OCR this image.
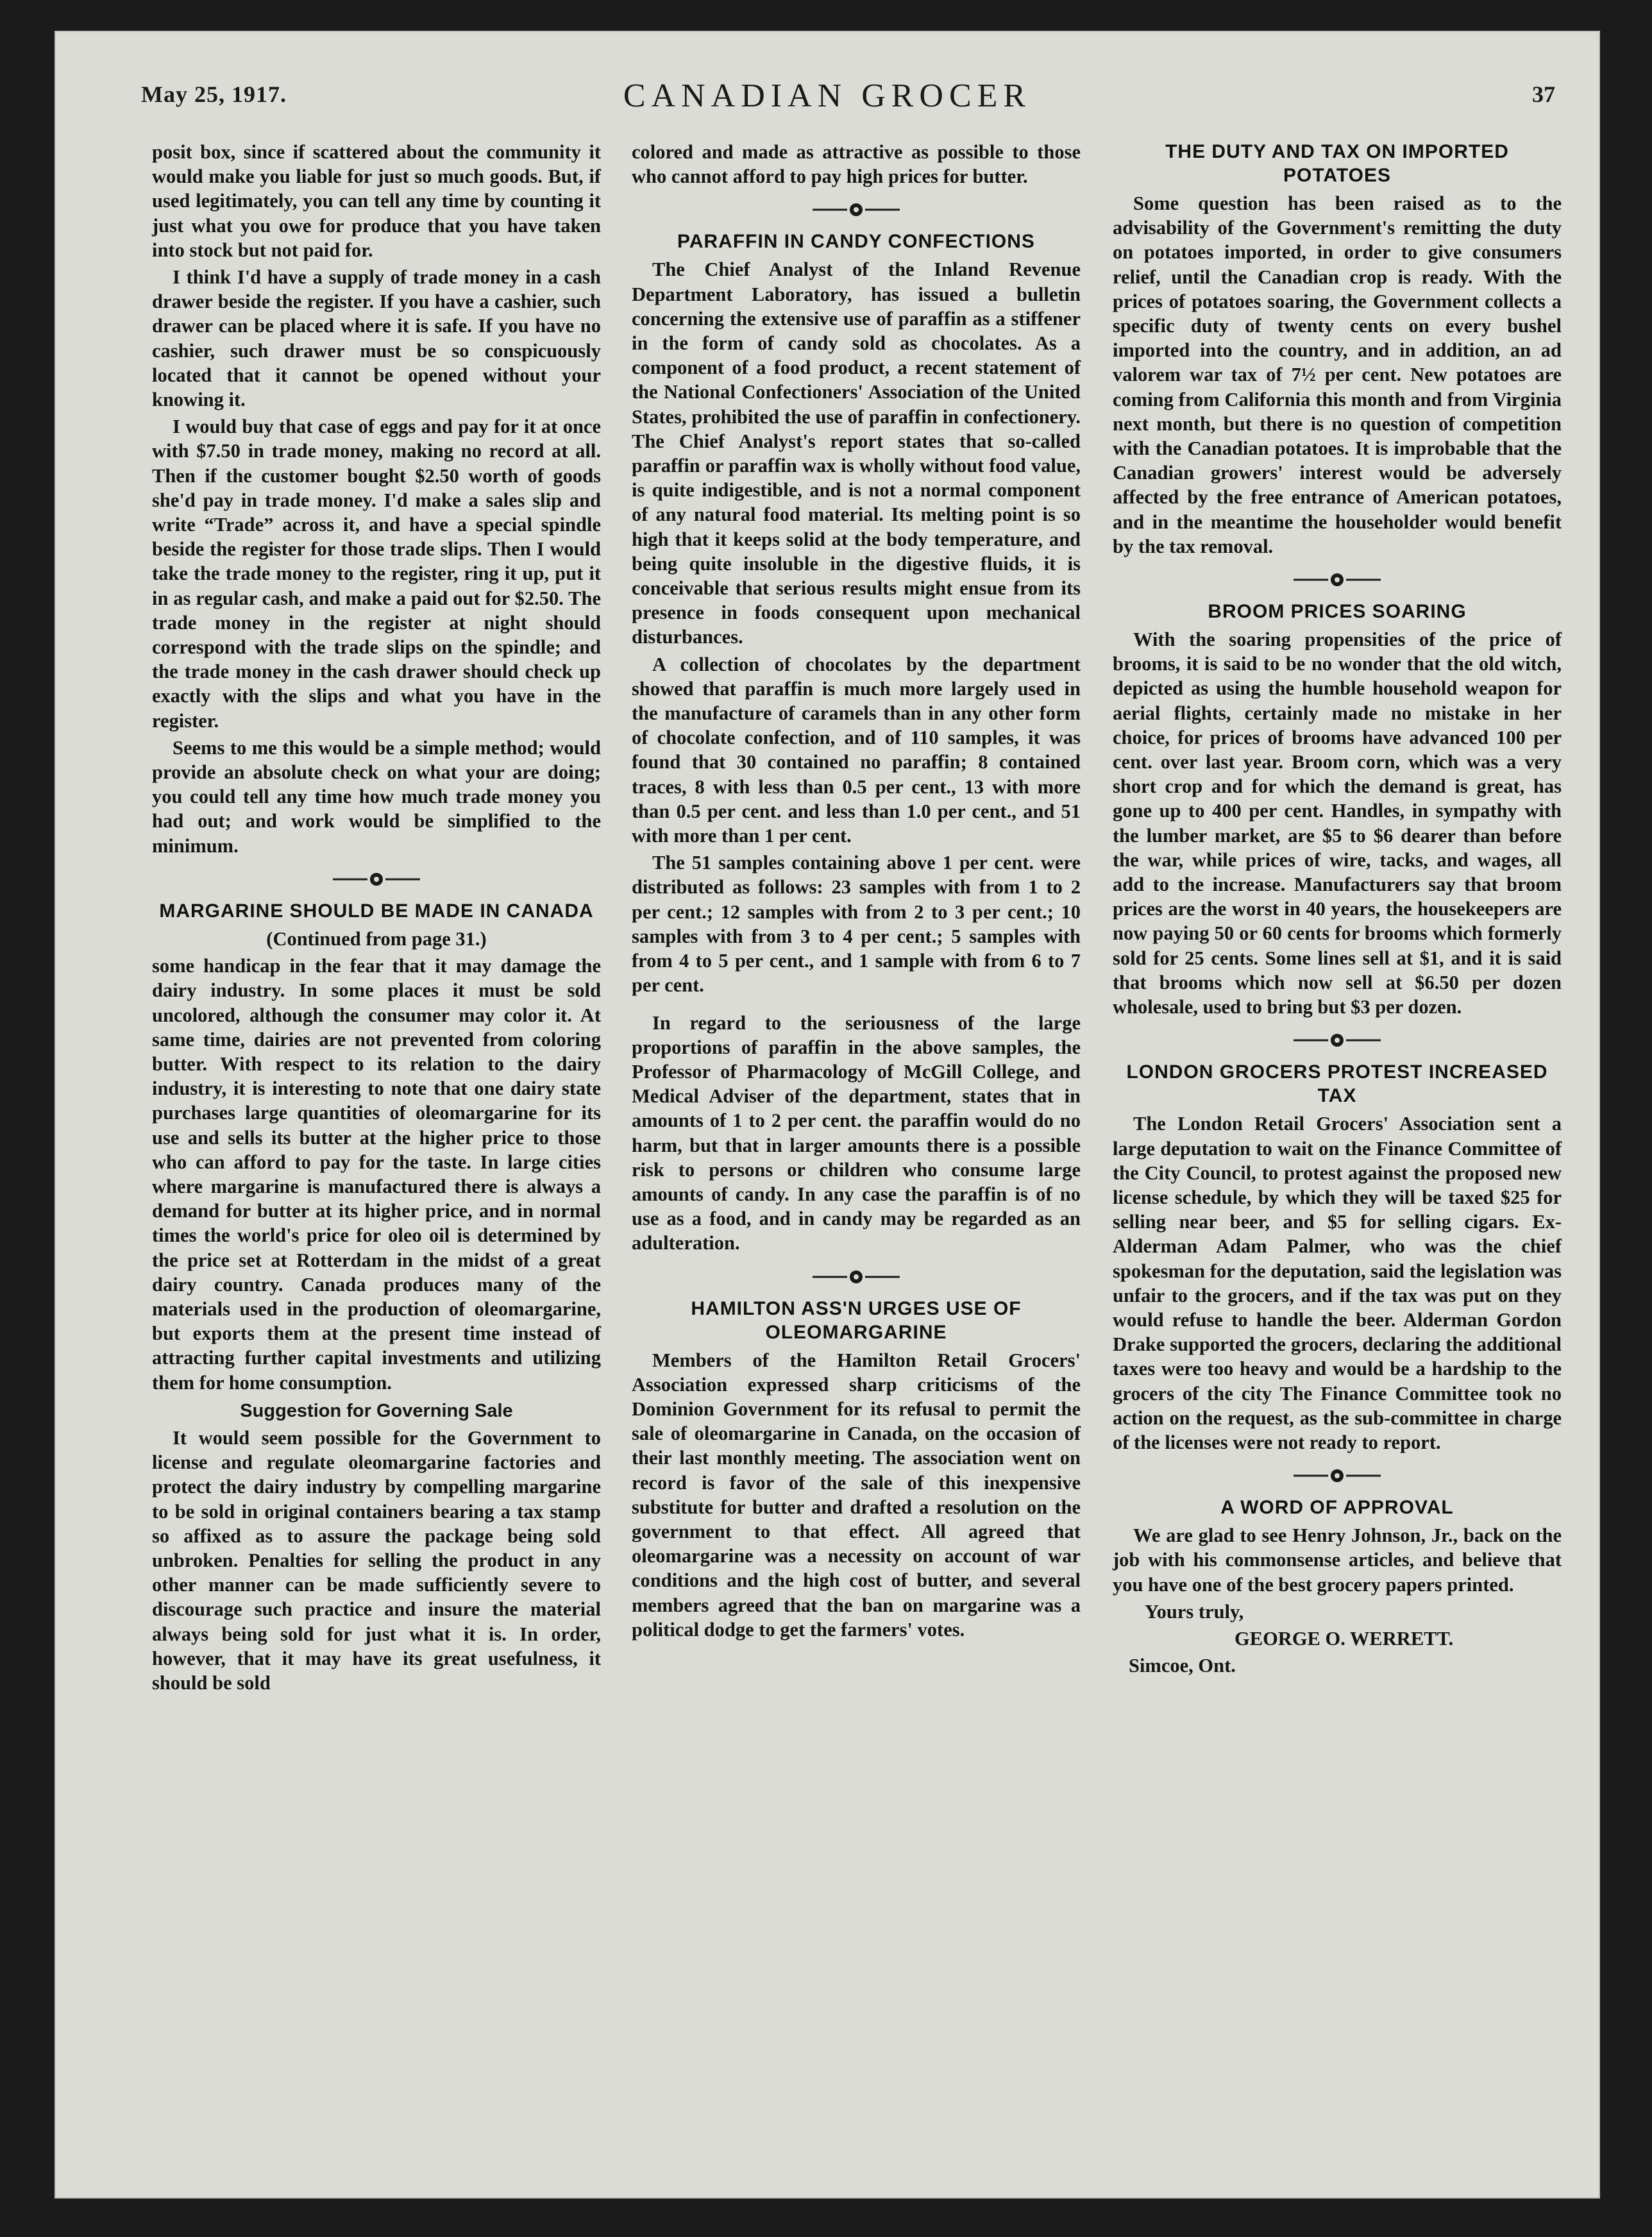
May 25, 1917.	CANADIAN GROCER	37

posit box, since if scattered about the community it would make you liable for just so much goods. But, if used legitimately, you can tell any time by counting it just what you owe for produce that you have taken into stock but not paid for.

I think I'd have a supply of trade money in a cash drawer beside the register. If you have a cashier, such drawer can be placed where it is safe. If you have no cashier, such drawer must be so conspicuously located that it cannot be opened without your knowing it.

I would buy that case of eggs and pay for it at once with $7.50 in trade money, making no record at all. Then if the customer bought $2.50 worth of goods she'd pay in trade money. I'd make a sales slip and write “Trade” across it, and have a special spindle beside the register for those trade slips. Then I would take the trade money to the register, ring it up, put it in as regular cash, and make a paid out for $2.50. The trade money in the register at night should correspond with the trade slips on the spindle; and the trade money in the cash drawer should check up exactly with the slips and what you have in the register.

Seems to me this would be a simple method; would provide an absolute check on what your are doing; you could tell any time how much trade money you had out; and work would be simplified to the minimum.

MARGARINE SHOULD BE MADE IN CANADA

(Continued from page 31.)

some handicap in the fear that it may damage the dairy industry. In some places it must be sold uncolored, although the consumer may color it. At same time, dairies are not prevented from coloring butter. With respect to its relation to the dairy industry, it is interesting to note that one dairy state purchases large quantities of oleomargarine for its use and sells its butter at the higher price to those who can afford to pay for the taste. In large cities where margarine is manufactured there is always a demand for butter at its higher price, and in normal times the world's price for oleo oil is determined by the price set at Rotterdam in the midst of a great dairy country. Canada produces many of the materials used in the production of oleomargarine, but exports them at the present time instead of attracting further capital investments and utilizing them for home consumption.

Suggestion for Governing Sale

It would seem possible for the Government to license and regulate oleomargarine factories and protect the dairy industry by compelling margarine to be sold in original containers bearing a tax stamp so affixed as to assure the package being sold unbroken. Penalties for selling the product in any other manner can be made sufficiently severe to discourage such practice and insure the material always being sold for just what it is. In order, however, that it may have its great usefulness, it should be sold

colored and made as attractive as possible to those who cannot afford to pay high prices for butter.

PARAFFIN IN CANDY CONFECTIONS

The Chief Analyst of the Inland Revenue Department Laboratory, has issued a bulletin concerning the extensive use of paraffin as a stiffener in the form of candy sold as chocolates. As a component of a food product, a recent statement of the National Confectioners' Association of the United States, prohibited the use of paraffin in confectionery. The Chief Analyst's report states that so-called paraffin or paraffin wax is wholly without food value, is quite indigestible, and is not a normal component of any natural food material. Its melting point is so high that it keeps solid at the body temperature, and being quite insoluble in the digestive fluids, it is conceivable that serious results might ensue from its presence in foods consequent upon mechanical disturbances.

A collection of chocolates by the department showed that paraffin is much more largely used in the manufacture of caramels than in any other form of chocolate confection, and of 110 samples, it was found that 30 contained no paraffin; 8 contained traces, 8 with less than 0.5 per cent., 13 with more than 0.5 per cent. and less than 1.0 per cent., and 51 with more than 1 per cent.

The 51 samples containing above 1 per cent. were distributed as follows: 23 samples with from 1 to 2 per cent.; 12 samples with from 2 to 3 per cent.; 10 samples with from 3 to 4 per cent.; 5 samples with from 4 to 5 per cent., and 1 sample with from 6 to 7 per cent.

In regard to the seriousness of the large proportions of paraffin in the above samples, the Professor of Pharmacology of McGill College, and Medical Adviser of the department, states that in amounts of 1 to 2 per cent. the paraffin would do no harm, but that in larger amounts there is a possible risk to persons or children who consume large amounts of candy. In any case the paraffin is of no use as a food, and in candy may be regarded as an adulteration.

HAMILTON ASS'N URGES USE OF OLEOMARGARINE

Members of the Hamilton Retail Grocers' Association expressed sharp criticisms of the Dominion Government for its refusal to permit the sale of oleomargarine in Canada, on the occasion of their last monthly meeting. The association went on record is favor of the sale of this inexpensive substitute for butter and drafted a resolution on the government to that effect. All agreed that oleomargarine was a necessity on account of war conditions and the high cost of butter, and several members agreed that the ban on margarine was a political dodge to get the farmers' votes.

THE DUTY AND TAX ON IMPORTED POTATOES

Some question has been raised as to the advisability of the Government's remitting the duty on potatoes imported, in order to give consumers relief, until the Canadian crop is ready. With the prices of potatoes soaring, the Government collects a specific duty of twenty cents on every bushel imported into the country, and in addition, an ad valorem war tax of 7½ per cent. New potatoes are coming from California this month and from Virginia next month, but there is no question of competition with the Canadian potatoes. It is improbable that the Canadian growers' interest would be adversely affected by the free entrance of American potatoes, and in the meantime the householder would benefit by the tax removal.

BROOM PRICES SOARING

With the soaring propensities of the price of brooms, it is said to be no wonder that the old witch, depicted as using the humble household weapon for aerial flights, certainly made no mistake in her choice, for prices of brooms have advanced 100 per cent. over last year. Broom corn, which was a very short crop and for which the demand is great, has gone up to 400 per cent. Handles, in sympathy with the lumber market, are $5 to $6 dearer than before the war, while prices of wire, tacks, and wages, all add to the increase. Manufacturers say that broom prices are the worst in 40 years, the housekeepers are now paying 50 or 60 cents for brooms which formerly sold for 25 cents. Some lines sell at $1, and it is said that brooms which now sell at $6.50 per dozen wholesale, used to bring but $3 per dozen.

LONDON GROCERS PROTEST INCREASED TAX

The London Retail Grocers' Association sent a large deputation to wait on the Finance Committee of the City Council, to protest against the proposed new license schedule, by which they will be taxed $25 for selling near beer, and $5 for selling cigars. Ex-Alderman Adam Palmer, who was the chief spokesman for the deputation, said the legislation was unfair to the grocers, and if the tax was put on they would refuse to handle the beer. Alderman Gordon Drake supported the grocers, declaring the additional taxes were too heavy and would be a hardship to the grocers of the city The Finance Committee took no action on the request, as the sub-committee in charge of the licenses were not ready to report.

A WORD OF APPROVAL

We are glad to see Henry Johnson, Jr., back on the job with his commonsense articles, and believe that you have one of the best grocery papers printed.

Yours truly,

GEORGE O. WERRETT.

Simcoe, Ont.
